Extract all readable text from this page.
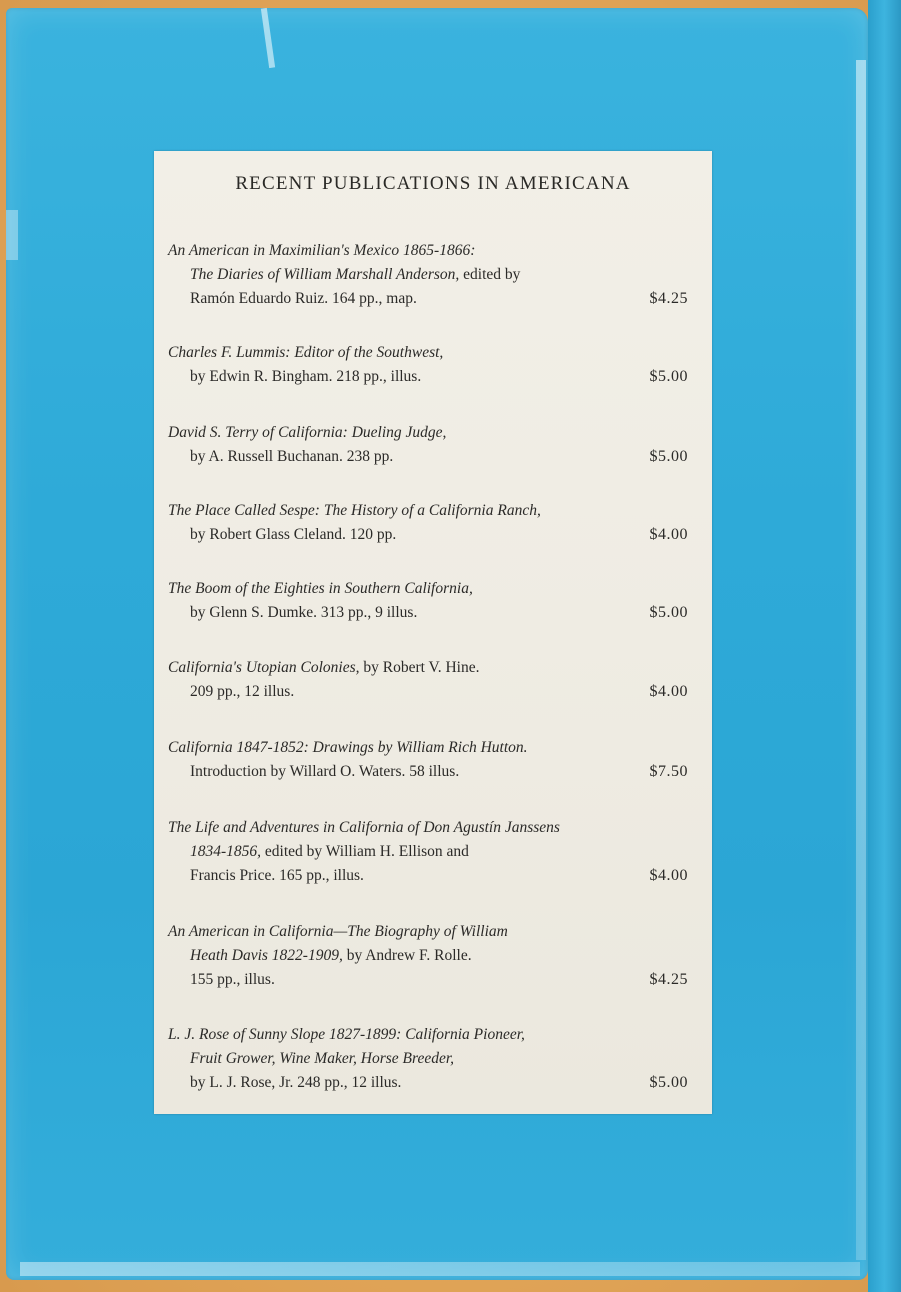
RECENT PUBLICATIONS IN AMERICANA
An American in Maximilian's Mexico 1865-1866:
The Diaries of William Marshall Anderson, edited by
Ramón Eduardo Ruiz. 164 pp., map.	$4.25
Charles F. Lummis: Editor of the Southwest,
by Edwin R. Bingham. 218 pp., illus.	$5.00
David S. Terry of California: Dueling Judge,
by A. Russell Buchanan. 238 pp.	$5.00
The Place Called Sespe: The History of a California Ranch,
by Robert Glass Cleland. 120 pp.	$4.00
The Boom of the Eighties in Southern California,
by Glenn S. Dumke. 313 pp., 9 illus.	$5.00
California's Utopian Colonies, by Robert V. Hine.
209 pp., 12 illus.	$4.00
California 1847-1852: Drawings by William Rich Hutton.
Introduction by Willard O. Waters. 58 illus.	$7.50
The Life and Adventures in California of Don Agustín Janssens
1834-1856, edited by William H. Ellison and
Francis Price. 165 pp., illus.	$4.00
An American in California—The Biography of William
Heath Davis 1822-1909, by Andrew F. Rolle.
155 pp., illus.	$4.25
L. J. Rose of Sunny Slope 1827-1899: California Pioneer,
Fruit Grower, Wine Maker, Horse Breeder,
by L. J. Rose, Jr. 248 pp., 12 illus.	$5.00
